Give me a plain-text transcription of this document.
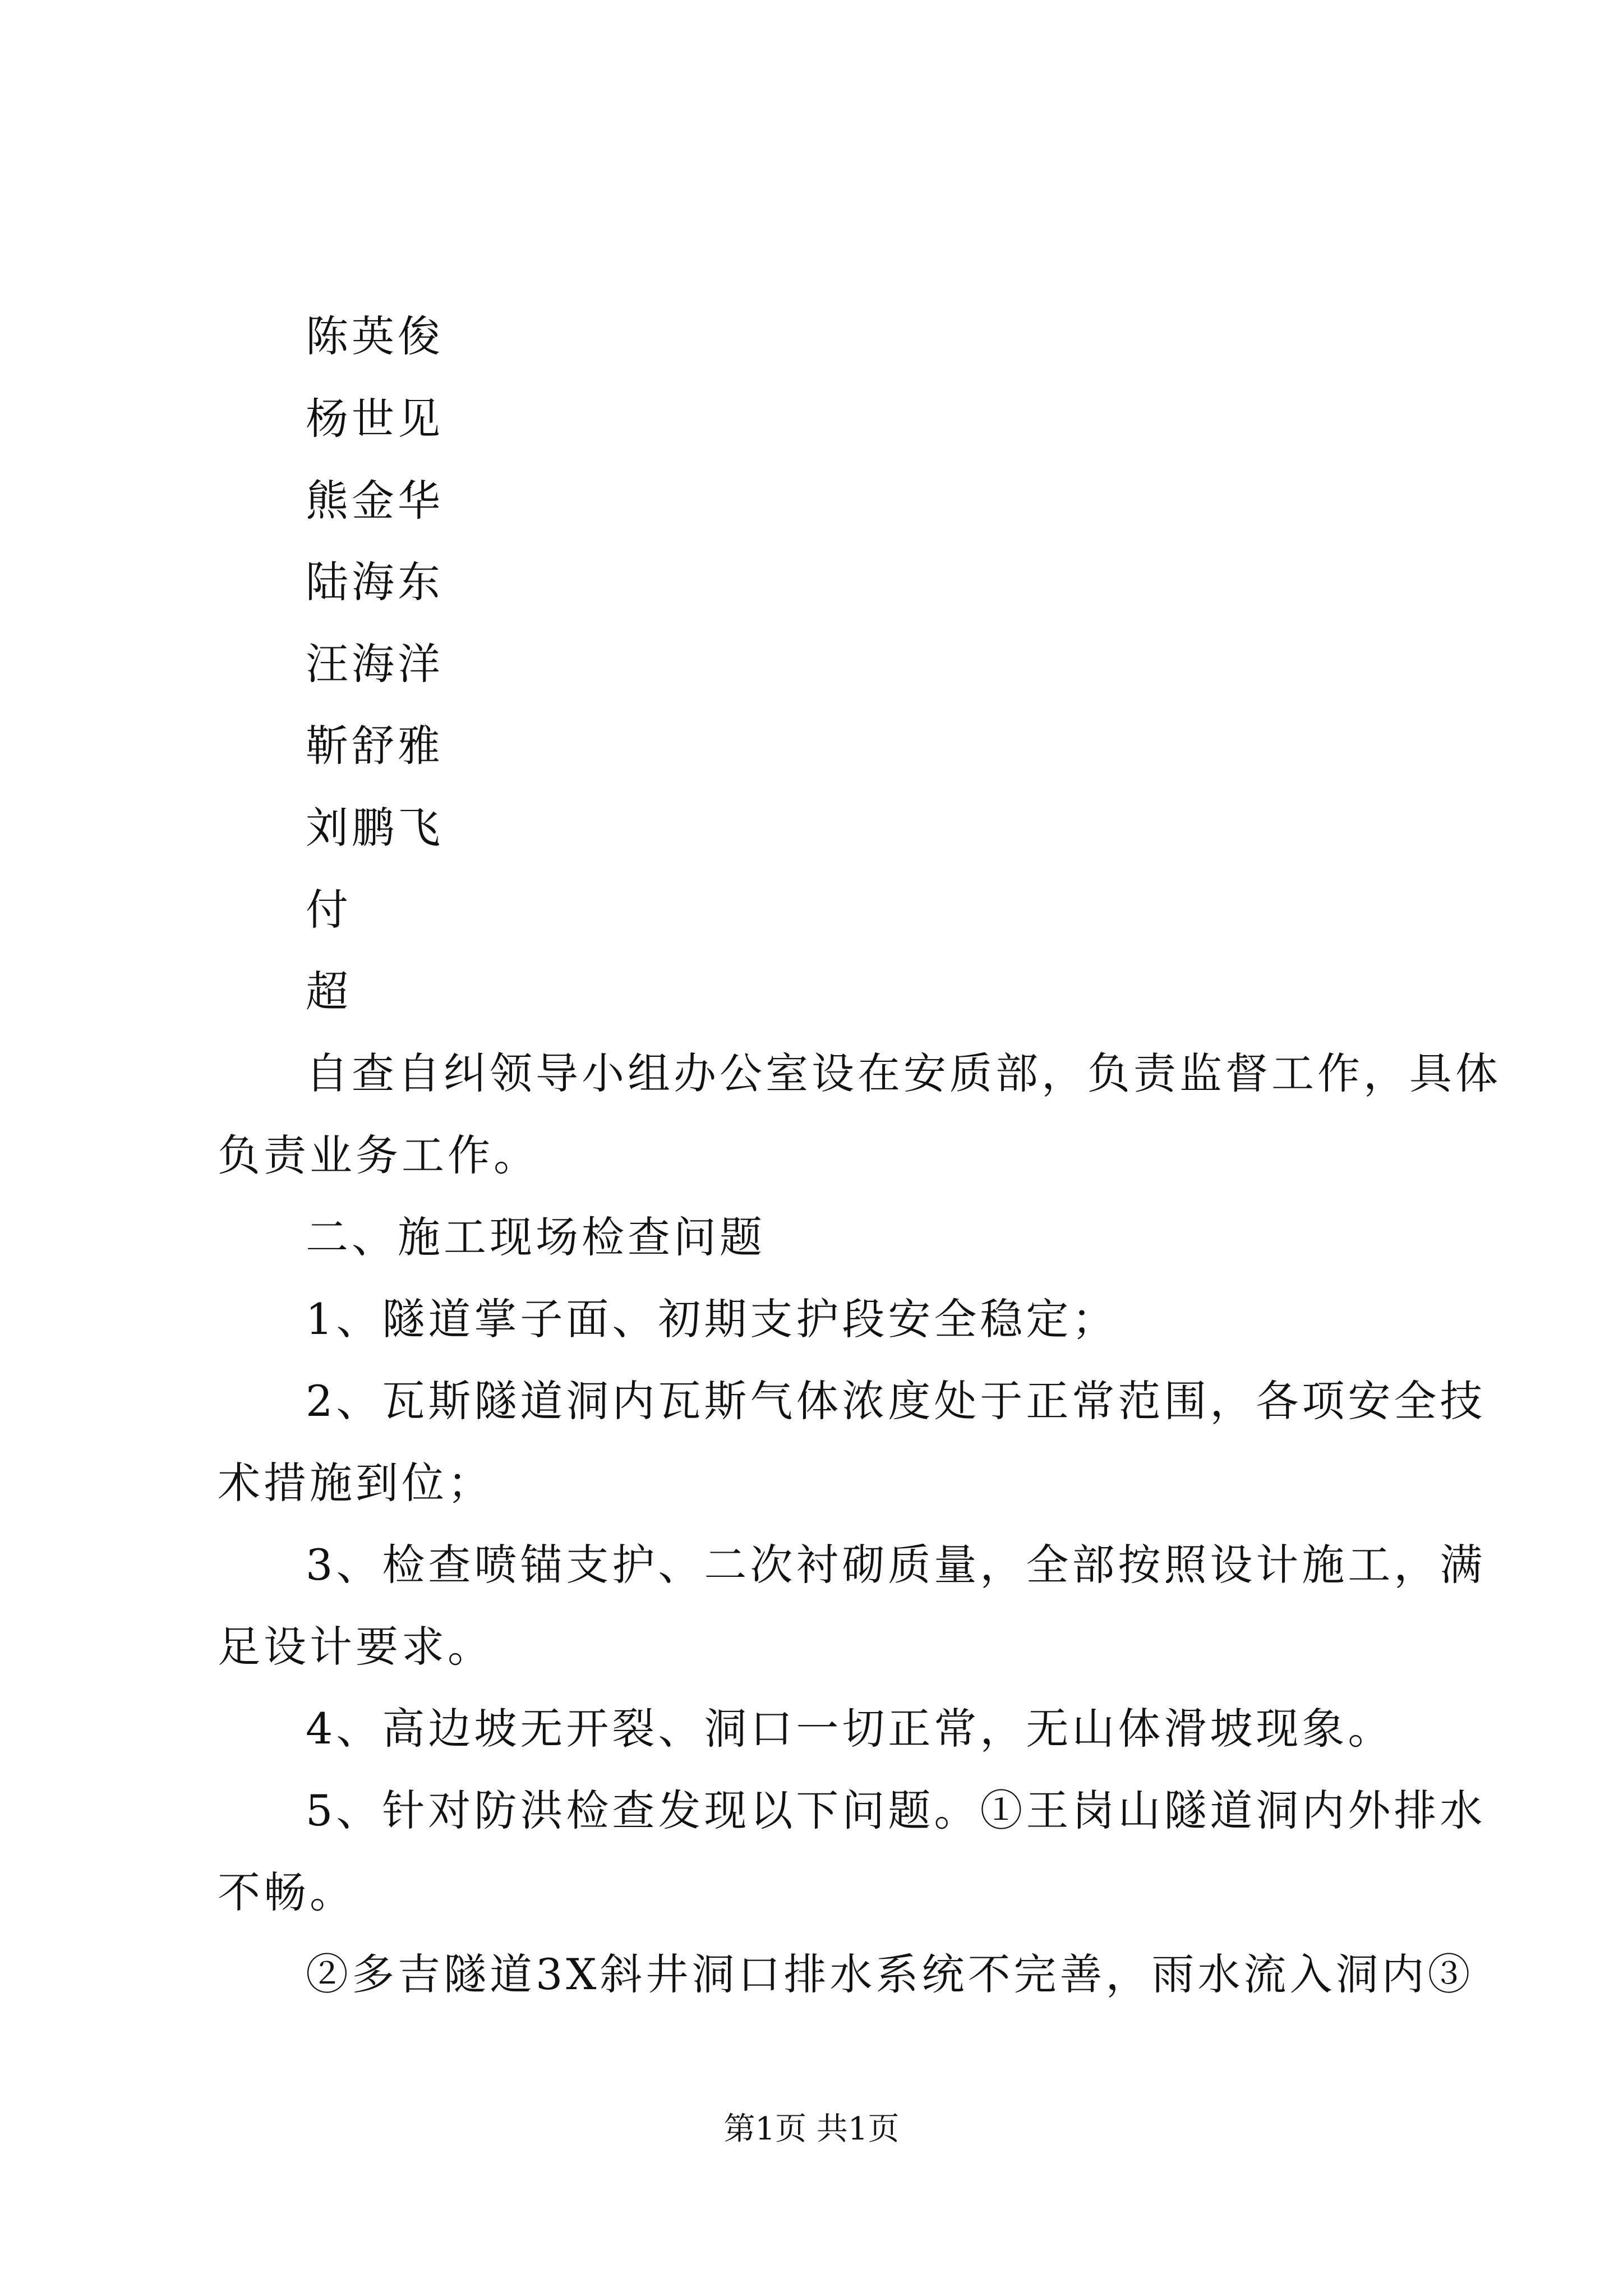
陈英俊
杨世见
熊金华
陆海东
汪海洋
靳舒雅
刘鹏飞
付
超
自查自纠领导小组办公室设在安质部，负责监督工作，具体
负责业务工作。
二、施工现场检查问题
1、隧道掌子面、初期支护段安全稳定；
2、瓦斯隧道洞内瓦斯气体浓度处于正常范围，各项安全技
术措施到位；
3、检查喷锚支护、二次衬砌质量，全部按照设计施工，满
足设计要求。
4、高边坡无开裂、洞口一切正常，无山体滑坡现象。
5、针对防洪检查发现以下问题。①王岗山隧道洞内外排水
不畅。
②多吉隧道3X斜井洞口排水系统不完善，雨水流入洞内③
第1页 共1页
